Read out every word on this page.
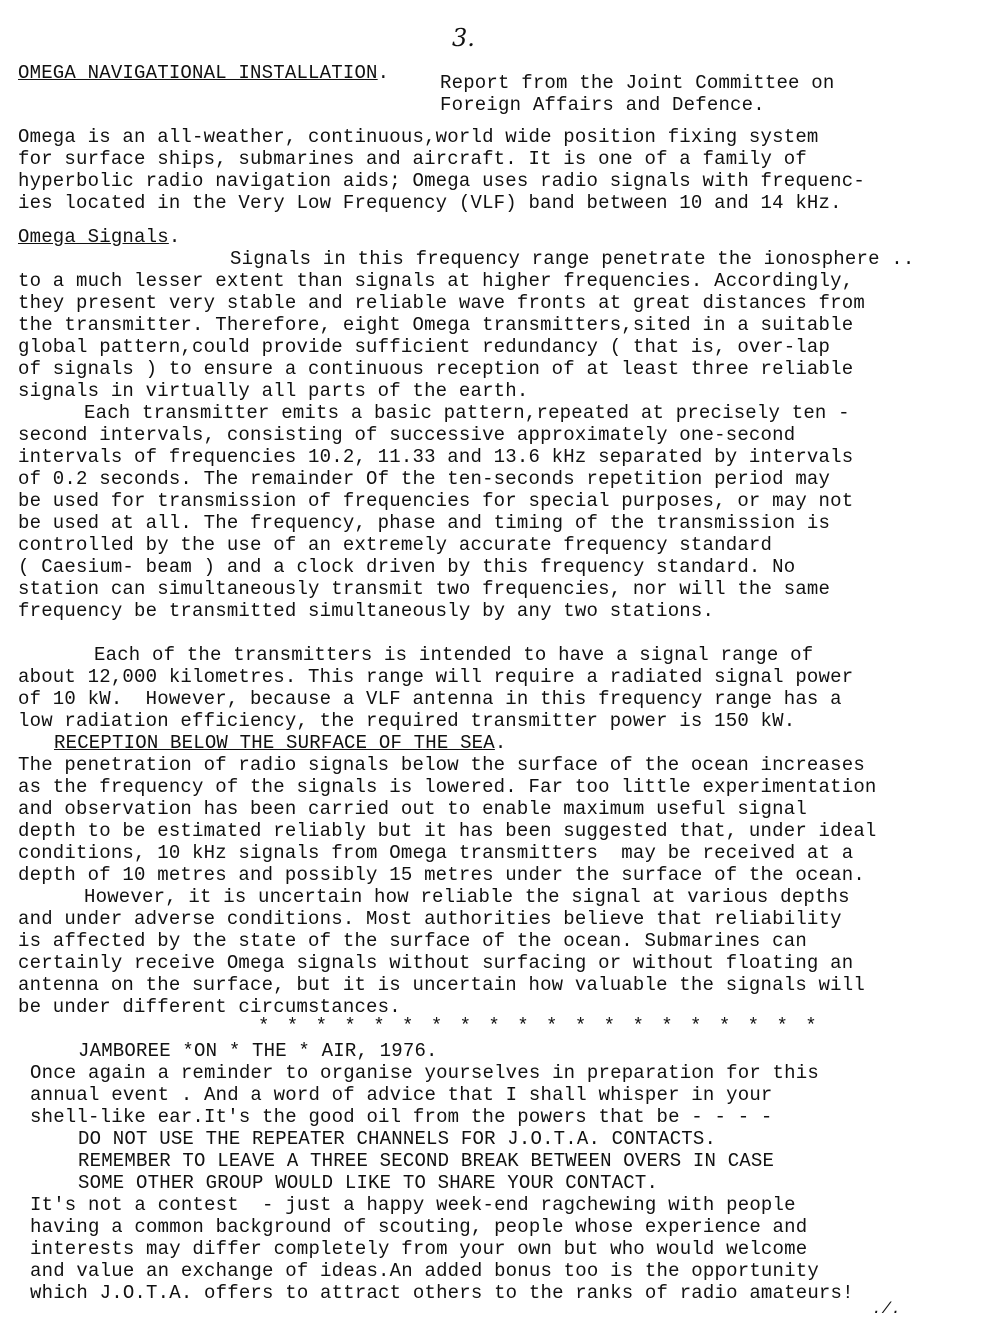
3.
OMEGA NAVIGATIONAL INSTALLATION.	Report from the Joint Committee on
Foreign Affairs and Defence.
Omega is an all-weather, continuous,world wide position fixing system
for surface ships, submarines and aircraft. It is one of a family of
hyperbolic radio navigation aids; Omega uses radio signals with frequenc-
ies located in the Very Low Frequency (VLF) band between 10 and 14 kHz.
Omega Signals.
Signals in this frequency range penetrate the ionosphere ..
to a much lesser extent than signals at higher frequencies. Accordingly,
they present very stable and reliable wave fronts at great distances from
the transmitter. Therefore, eight Omega transmitters,sited in a suitable
global pattern,could provide sufficient redundancy ( that is, over-lap
of signals ) to ensure a continuous reception of at least three reliable
signals in virtually all parts of the earth.
Each transmitter emits a basic pattern,repeated at precisely ten -
second intervals, consisting of successive approximately one-second
intervals of frequencies 10.2, 11.33 and 13.6 kHz separated by intervals
of 0.2 seconds. The remainder Of the ten-seconds repetition period may
be used for transmission of frequencies for special purposes, or may not
be used at all. The frequency, phase and timing of the transmission is
controlled by the use of an extremely accurate frequency standard
( Caesium- beam ) and a clock driven by this frequency standard. No
station can simultaneously transmit two frequencies, nor will the same
frequency be transmitted simultaneously by any two stations.
Each of the transmitters is intended to have a signal range of
about 12,000 kilometres. This range will require a radiated signal power
of 10 kW.  However, because a VLF antenna in this frequency range has a
low radiation efficiency, the required transmitter power is 150 kW.
RECEPTION BELOW THE SURFACE OF THE SEA.
The penetration of radio signals below the surface of the ocean increases
as the frequency of the signals is lowered. Far too little experimentation
and observation has been carried out to enable maximum useful signal
depth to be estimated reliably but it has been suggested that, under ideal
conditions, 10 kHz signals from Omega transmitters  may be received at a
depth of 10 metres and possibly 15 metres under the surface of the ocean.
However, it is uncertain how reliable the signal at various depths
and under adverse conditions. Most authorities believe that reliability
is affected by the state of the surface of the ocean. Submarines can
certainly receive Omega signals without surfacing or without floating an
antenna on the surface, but it is uncertain how valuable the signals will
be under different circumstances.
* * * * * * * * * * * * * * * * * * * *
JAMBOREE *ON * THE * AIR, 1976.
Once again a reminder to organise yourselves in preparation for this
annual event . And a word of advice that I shall whisper in your
shell-like ear.It's the good oil from the powers that be - - - -
DO NOT USE THE REPEATER CHANNELS FOR J.O.T.A. CONTACTS.
REMEMBER TO LEAVE A THREE SECOND BREAK BETWEEN OVERS IN CASE
SOME OTHER GROUP WOULD LIKE TO SHARE YOUR CONTACT.
It's not a contest  - just a happy week-end ragchewing with people
having a common background of scouting, people whose experience and
interests may differ completely from your own but who would welcome
and value an exchange of ideas.An added bonus too is the opportunity
which J.O.T.A. offers to attract others to the ranks of radio amateurs!
./.
